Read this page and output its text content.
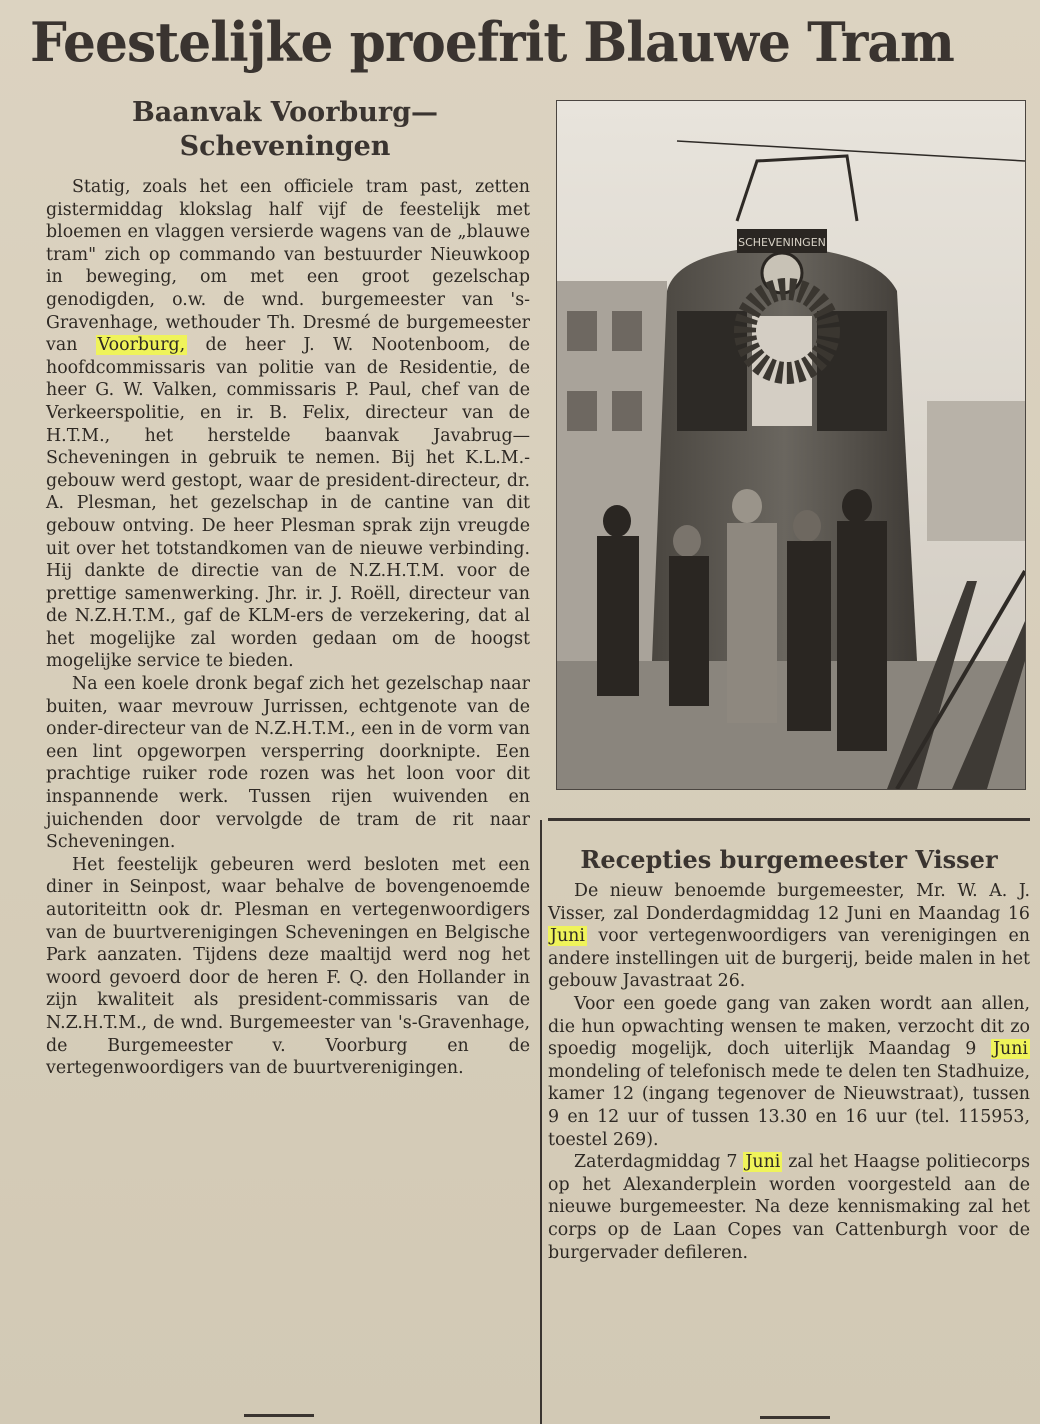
Feestelijke proefrit Blauwe Tram
Baanvak Voorburg—
Scheveningen

Statig, zoals het een officiele tram past, zetten gistermiddag klokslag half vijf de feestelijk met bloemen en vlaggen versierde wagens van de „blauwe tram" zich op commando van bestuurder Nieuwkoop in beweging, om met een groot gezelschap genodigden, o.w. de wnd. burgemeester van 's-Gravenhage, wethouder Th. Dresmé de burgemeester van Voorburg, de heer J. W. Nootenboom, de hoofdcommissaris van politie van de Residentie, de heer G. W. Valken, commissaris P. Paul, chef van de Verkeerspolitie, en ir. B. Felix, directeur van de H.T.M., het herstelde baanvak Javabrug—Scheveningen in gebruik te nemen. Bij het K.L.M.-gebouw werd gestopt, waar de president-directeur, dr. A. Plesman, het gezelschap in de cantine van dit gebouw ontving. De heer Plesman sprak zijn vreugde uit over het totstandkomen van de nieuwe verbinding. Hij dankte de directie van de N.Z.H.T.M. voor de prettige samenwerking. Jhr. ir. J. Roëll, directeur van de N.Z.H.T.M., gaf de KLM-ers de verzekering, dat al het mogelijke zal worden gedaan om de hoogst mogelijke service te bieden.

Na een koele dronk begaf zich het gezelschap naar buiten, waar mevrouw Jurrissen, echtgenote van de onder-directeur van de N.Z.H.T.M., een in de vorm van een lint opgeworpen versperring doorknipte. Een prachtige ruiker rode rozen was het loon voor dit inspannende werk. Tussen rijen wuivenden en juichenden door vervolgde de tram de rit naar Scheveningen.

Het feestelijk gebeuren werd besloten met een diner in Seinpost, waar behalve de bovengenoemde autoriteittn ook dr. Plesman en vertegenwoordigers van de buurtverenigingen Scheveningen en Belgische Park aanzaten. Tijdens deze maaltijd werd nog het woord gevoerd door de heren F. Q. den Hollander in zijn kwaliteit als president-commissaris van de N.Z.H.T.M., de wnd. Burgemeester van 's-Gravenhage, de Burgemeester v. Voorburg en de vertegenwoordigers van de buurtverenigingen.

SCHEVENINGEN
Recepties burgemeester Visser

De nieuw benoemde burgemeester, Mr. W. A. J. Visser, zal Donderdagmiddag 12 Juni en Maandag 16 Juni voor vertegenwoordigers van verenigingen en andere instellingen uit de burgerij, beide malen in het gebouw Javastraat 26.

Voor een goede gang van zaken wordt aan allen, die hun opwachting wensen te maken, verzocht dit zo spoedig mogelijk, doch uiterlijk Maandag 9 Juni mondeling of telefonisch mede te delen ten Stadhuize, kamer 12 (ingang tegenover de Nieuwstraat), tussen 9 en 12 uur of tussen 13.30 en 16 uur (tel. 115953, toestel 269).

Zaterdagmiddag 7 Juni zal het Haagse politiecorps op het Alexanderplein worden voorgesteld aan de nieuwe burgemeester. Na deze kennismaking zal het corps op de Laan Copes van Cattenburgh voor de burgervader defileren.
